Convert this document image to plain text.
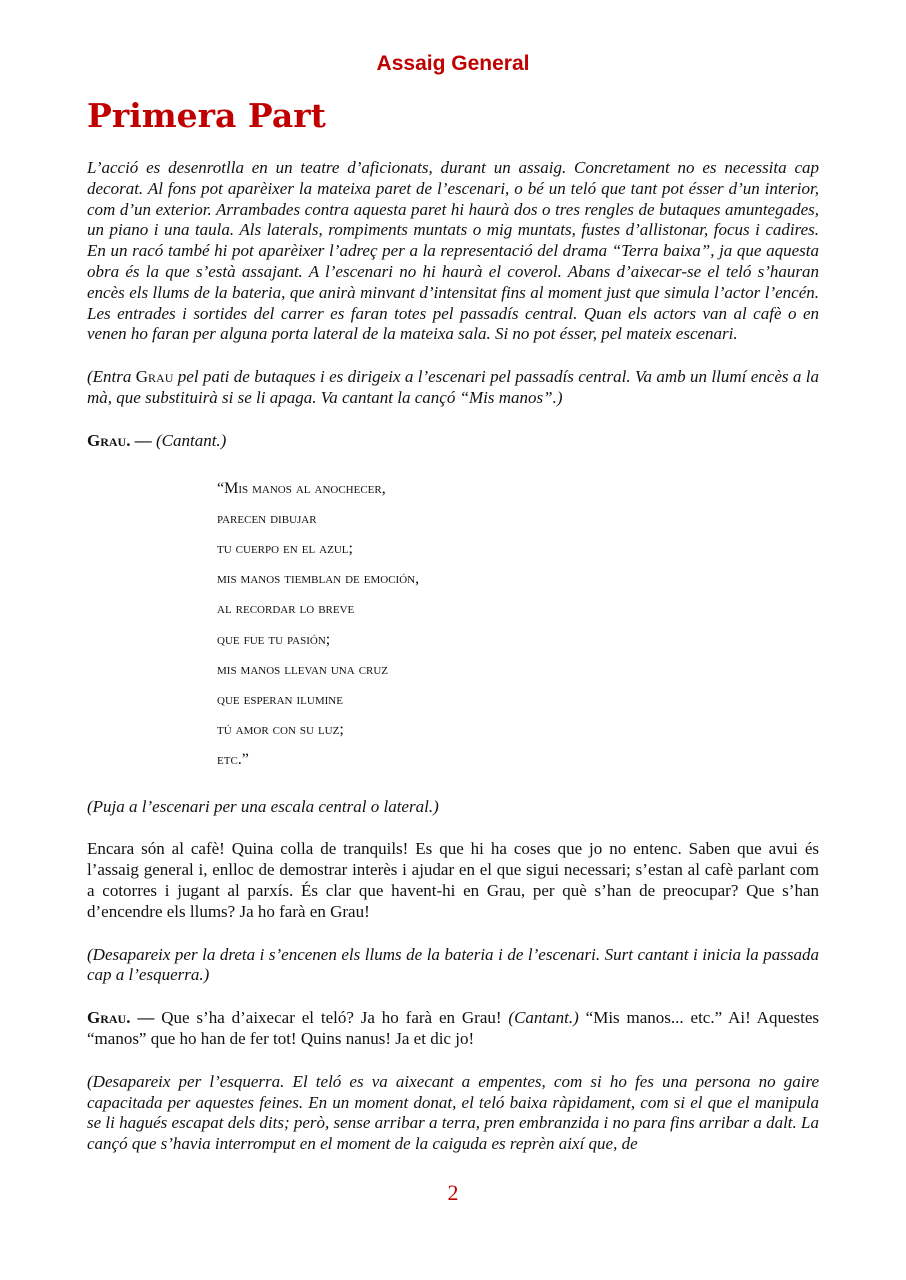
Assaig General
Primera Part

L’acció es desenrotlla en un teatre d’aficionats, durant un assaig. Concretament no es necessita cap decorat. Al fons pot aparèixer la mateixa paret de l’escenari, o bé un teló que tant pot ésser d’un interior, com d’un exterior. Arrambades contra aquesta paret hi haurà dos o tres rengles de butaques amuntegades, un piano i una taula. Als laterals, rompiments muntats o mig muntats, fustes d’allistonar, focus i cadires. En un racó també hi pot aparèixer l’adreç per a la representació del drama “Terra baixa”, ja que aquesta obra és la que s’està assajant. A l’escenari no hi haurà el coverol. Abans d’aixecar-se el teló s’hauran encès els llums de la bateria, que anirà minvant d’intensitat fins al moment just que simula l’actor l’encén. Les entrades i sortides del carrer es faran totes pel passadís central. Quan els actors van al cafè o en venen ho faran per alguna porta lateral de la mateixa sala. Si no pot ésser, pel mateix escenari.

(Entra Grau pel pati de butaques i es dirigeix a l’escenari pel passadís central. Va amb un llumí encès a la mà, que substituirà si se li apaga. Va cantant la cançó “Mis manos”.)

Grau. — (Cantant.)

“Mis manos al anochecer,
parecen dibujar
tu cuerpo en el azul;
mis manos tiemblan de emoción,
al recordar lo breve
que fue tu pasión;
mis manos llevan una cruz
que esperan ilumine
tú amor con su luz;
etc.”

(Puja a l’escenari per una escala central o lateral.)

Encara són al cafè! Quina colla de tranquils! Es que hi ha coses que jo no entenc. Saben que avui és l’assaig general i, enlloc de demostrar interès i ajudar en el que sigui necessari; s’estan al cafè parlant com a cotorres i jugant al parxís. És clar que havent-hi en Grau, per què s’han de preocupar? Que s’han d’encendre els llums? Ja ho farà en Grau!

(Desapareix per la dreta i s’encenen els llums de la bateria i de l’escenari. Surt cantant i inicia la passada cap a l’esquerra.)

Grau. — Que s’ha d’aixecar el teló? Ja ho farà en Grau! (Cantant.) “Mis manos... etc.” Ai! Aquestes “manos” que ho han de fer tot! Quins nanus! Ja et dic jo!

(Desapareix per l’esquerra. El teló es va aixecant a empentes, com si ho fes una persona no gaire capacitada per aquestes feines. En un moment donat, el teló baixa ràpidament, com si el que el manipula se li hagués escapat dels dits; però, sense arribar a terra, pren embranzida i no para fins arribar a dalt. La cançó que s’havia interromput en el moment de la caiguda es reprèn així que, de

2
